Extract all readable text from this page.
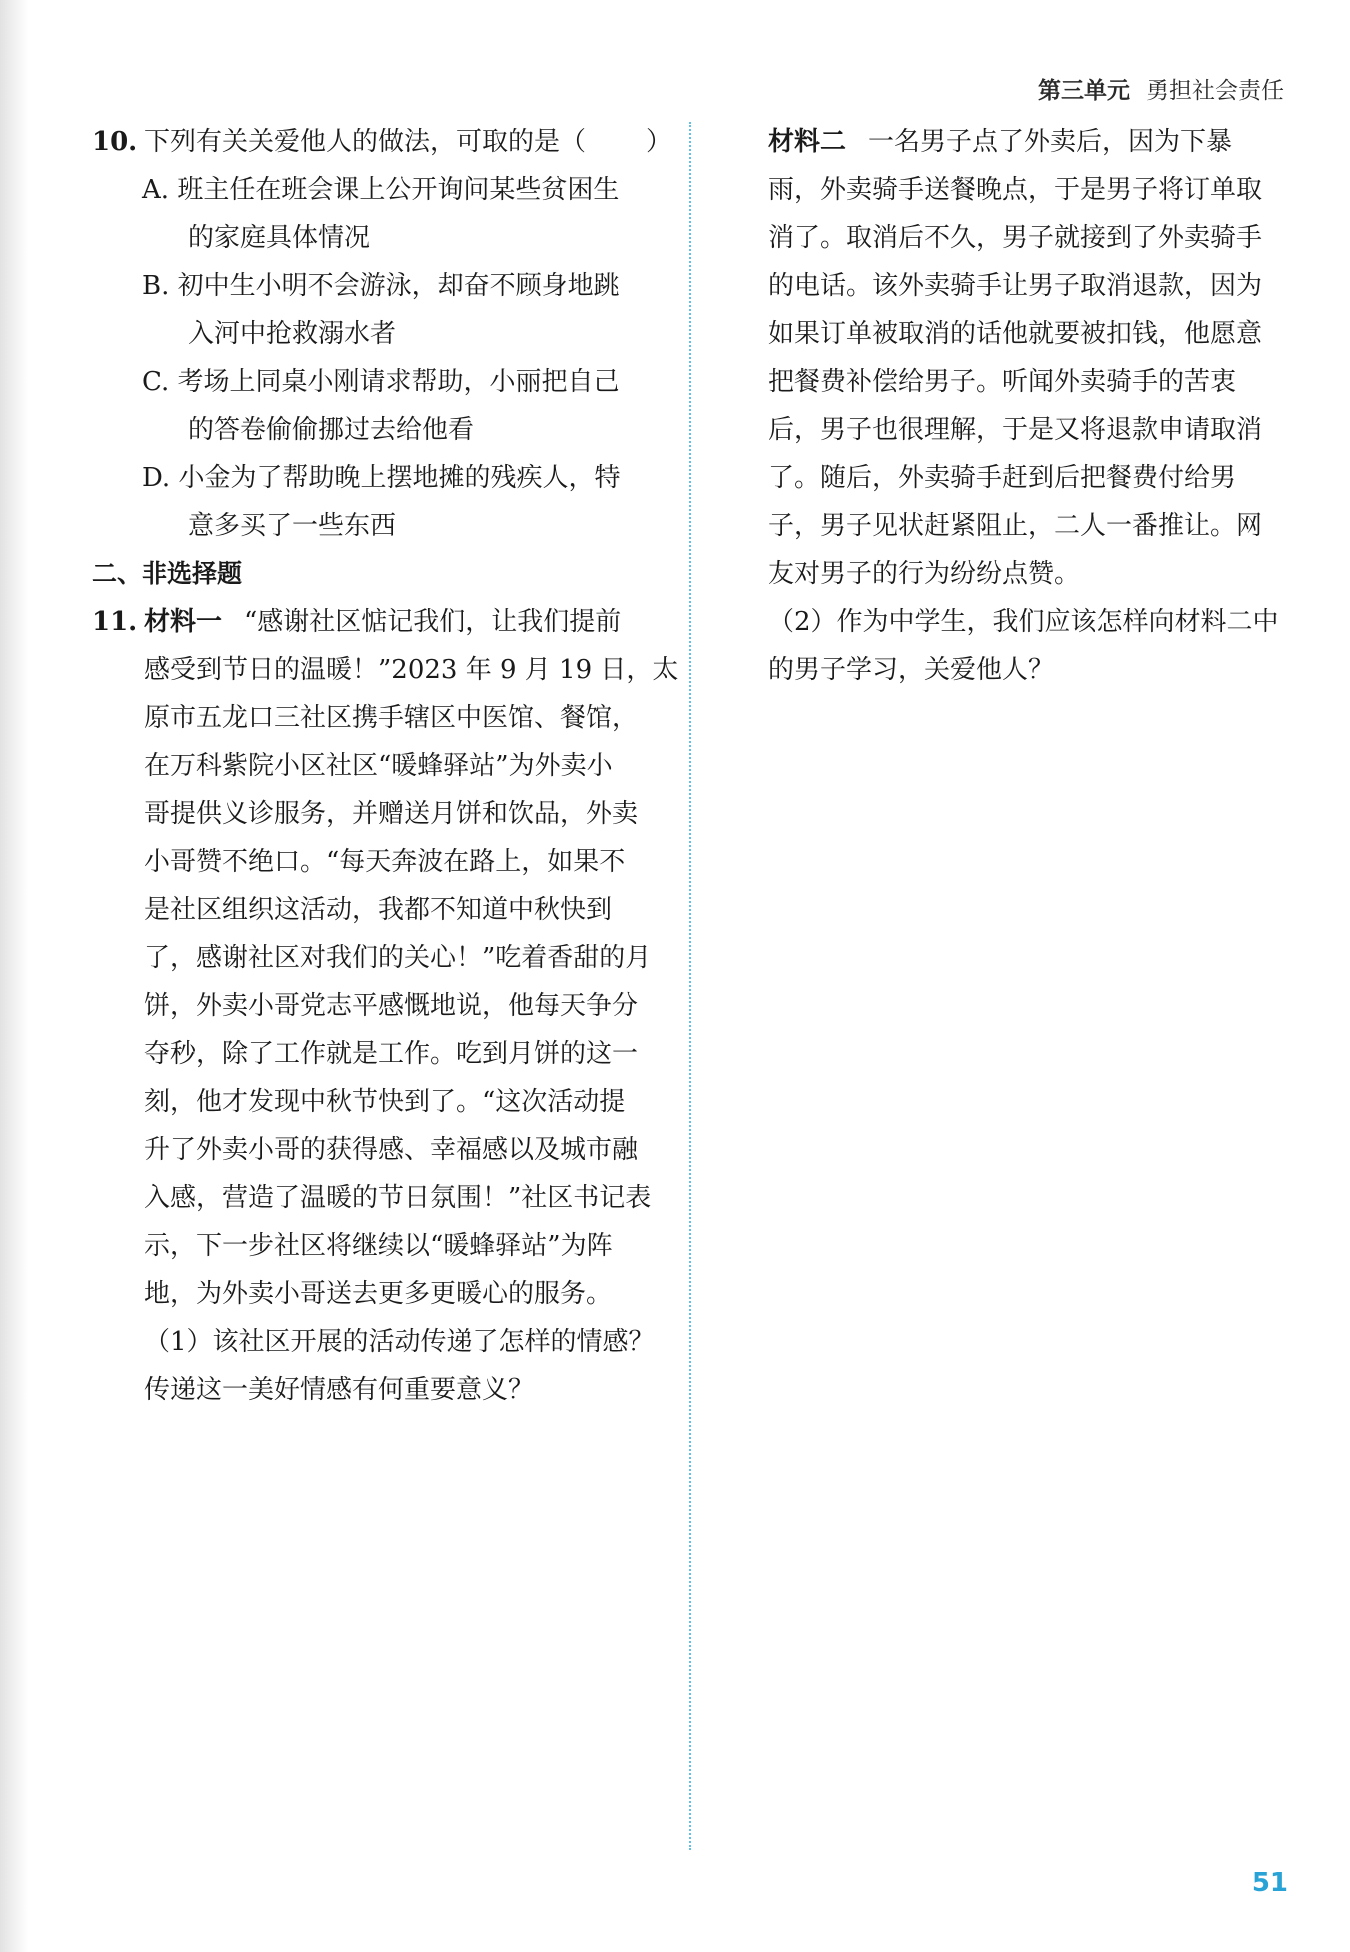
第三单元 勇担社会责任
10. 下列有关关爱他人的做法，可取的是（ ）
A. 班主任在班会课上公开询问某些贫困生
的家庭具体情况
B. 初中生小明不会游泳，却奋不顾身地跳
入河中抢救溺水者
C. 考场上同桌小刚请求帮助，小丽把自己
的答卷偷偷挪过去给他看
D. 小金为了帮助晚上摆地摊的残疾人，特
意多买了一些东西
二、非选择题
11. 材料一 “感谢社区惦记我们，让我们提前
感受到节日的温暖！”2023 年 9 月 19 日，太
原市五龙口三社区携手辖区中医馆、餐馆，
在万科紫院小区社区“暖蜂驿站”为外卖小
哥提供义诊服务，并赠送月饼和饮品，外卖
小哥赞不绝口。“每天奔波在路上，如果不
是社区组织这活动，我都不知道中秋快到
了，感谢社区对我们的关心！”吃着香甜的月
饼，外卖小哥党志平感慨地说，他每天争分
夺秒，除了工作就是工作。吃到月饼的这一
刻，他才发现中秋节快到了。“这次活动提
升了外卖小哥的获得感、幸福感以及城市融
入感，营造了温暖的节日氛围！”社区书记表
示，下一步社区将继续以“暖蜂驿站”为阵
地，为外卖小哥送去更多更暖心的服务。
（1）该社区开展的活动传递了怎样的情感？
传递这一美好情感有何重要意义？
材料二 一名男子点了外卖后，因为下暴
雨，外卖骑手送餐晚点，于是男子将订单取
消了。取消后不久，男子就接到了外卖骑手
的电话。该外卖骑手让男子取消退款，因为
如果订单被取消的话他就要被扣钱，他愿意
把餐费补偿给男子。听闻外卖骑手的苦衷
后，男子也很理解，于是又将退款申请取消
了。随后，外卖骑手赶到后把餐费付给男
子，男子见状赶紧阻止，二人一番推让。网
友对男子的行为纷纷点赞。
（2）作为中学生，我们应该怎样向材料二中
的男子学习，关爱他人？
51
